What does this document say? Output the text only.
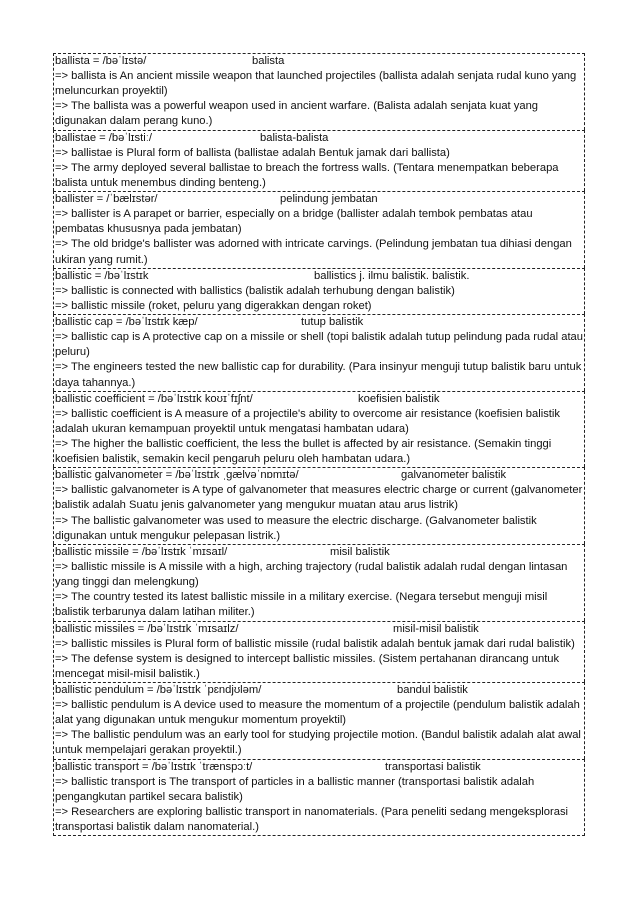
ballista = /bəˈlɪstə/	balista
=> ballista is An ancient missile weapon that launched projectiles (ballista adalah senjata rudal kuno yang meluncurkan proyektil)
=> The ballista was a powerful weapon used in ancient warfare. (Balista adalah senjata kuat yang digunakan dalam perang kuno.)
ballistae = /bəˈlɪstiː/	balista-balista
=> ballistae is Plural form of ballista (ballistae adalah Bentuk jamak dari ballista)
=> The army deployed several ballistae to breach the fortress walls. (Tentara menempatkan beberapa balista untuk menembus dinding benteng.)
ballister = /ˈbælɪstər/	pelindung jembatan
=> ballister is A parapet or barrier, especially on a bridge (ballister adalah tembok pembatas atau pembatas khususnya pada jembatan)
=> The old bridge's ballister was adorned with intricate carvings. (Pelindung jembatan tua dihiasi dengan ukiran yang rumit.)
ballistic = /bəˈlɪstɪk	ballistics j. ilmu balistik. balistik.
=> ballistic is connected with ballistics (balistik adalah terhubung dengan balistik)
=> ballistic missile (roket, peluru yang digerakkan dengan roket)
ballistic cap = /bəˈlɪstɪk kæp/	tutup balistik
=> ballistic cap is A protective cap on a missile or shell (topi balistik adalah tutup pelindung pada rudal atau peluru)
=> The engineers tested the new ballistic cap for durability. (Para insinyur menguji tutup balistik baru untuk daya tahannya.)
ballistic coefficient = /bəˈlɪstɪk koʊɪˈfɪʃnt/	koefisien balistik
=> ballistic coefficient is A measure of a projectile's ability to overcome air resistance (koefisien balistik adalah ukuran kemampuan proyektil untuk mengatasi hambatan udara)
=> The higher the ballistic coefficient, the less the bullet is affected by air resistance. (Semakin tinggi koefisien balistik, semakin kecil pengaruh peluru oleh hambatan udara.)
ballistic galvanometer = /bəˈlɪstɪk ˌɡælvəˈnɒmɪtə/	galvanometer balistik
=> ballistic galvanometer is A type of galvanometer that measures electric charge or current (galvanometer balistik adalah Suatu jenis galvanometer yang mengukur muatan atau arus listrik)
=> The ballistic galvanometer was used to measure the electric discharge. (Galvanometer balistik digunakan untuk mengukur pelepasan listrik.)
ballistic missile = /bəˈlɪstɪk ˈmɪsaɪl/	misil balistik
=> ballistic missile is A missile with a high, arching trajectory (rudal balistik adalah rudal dengan lintasan yang tinggi dan melengkung)
=> The country tested its latest ballistic missile in a military exercise. (Negara tersebut menguji misil balistik terbarunya dalam latihan militer.)
ballistic missiles = /bəˈlɪstɪk ˈmɪsaɪlz/	misil-misil balistik
=> ballistic missiles is Plural form of ballistic missile (rudal balistik adalah bentuk jamak dari rudal balistik)
=> The defense system is designed to intercept ballistic missiles. (Sistem pertahanan dirancang untuk mencegat misil-misil balistik.)
ballistic pendulum = /bəˈlɪstɪk ˈpɛndjʊləm/	bandul balistik
=> ballistic pendulum is A device used to measure the momentum of a projectile (pendulum balistik adalah alat yang digunakan untuk mengukur momentum proyektil)
=> The ballistic pendulum was an early tool for studying projectile motion. (Bandul balistik adalah alat awal untuk mempelajari gerakan proyektil.)
ballistic transport = /bəˈlɪstɪk ˈtrænspɔːt/	transportasi balistik
=> ballistic transport is The transport of particles in a ballistic manner (transportasi balistik adalah pengangkutan partikel secara balistik)
=> Researchers are exploring ballistic transport in nanomaterials. (Para peneliti sedang mengeksplorasi transportasi balistik dalam nanomaterial.)
